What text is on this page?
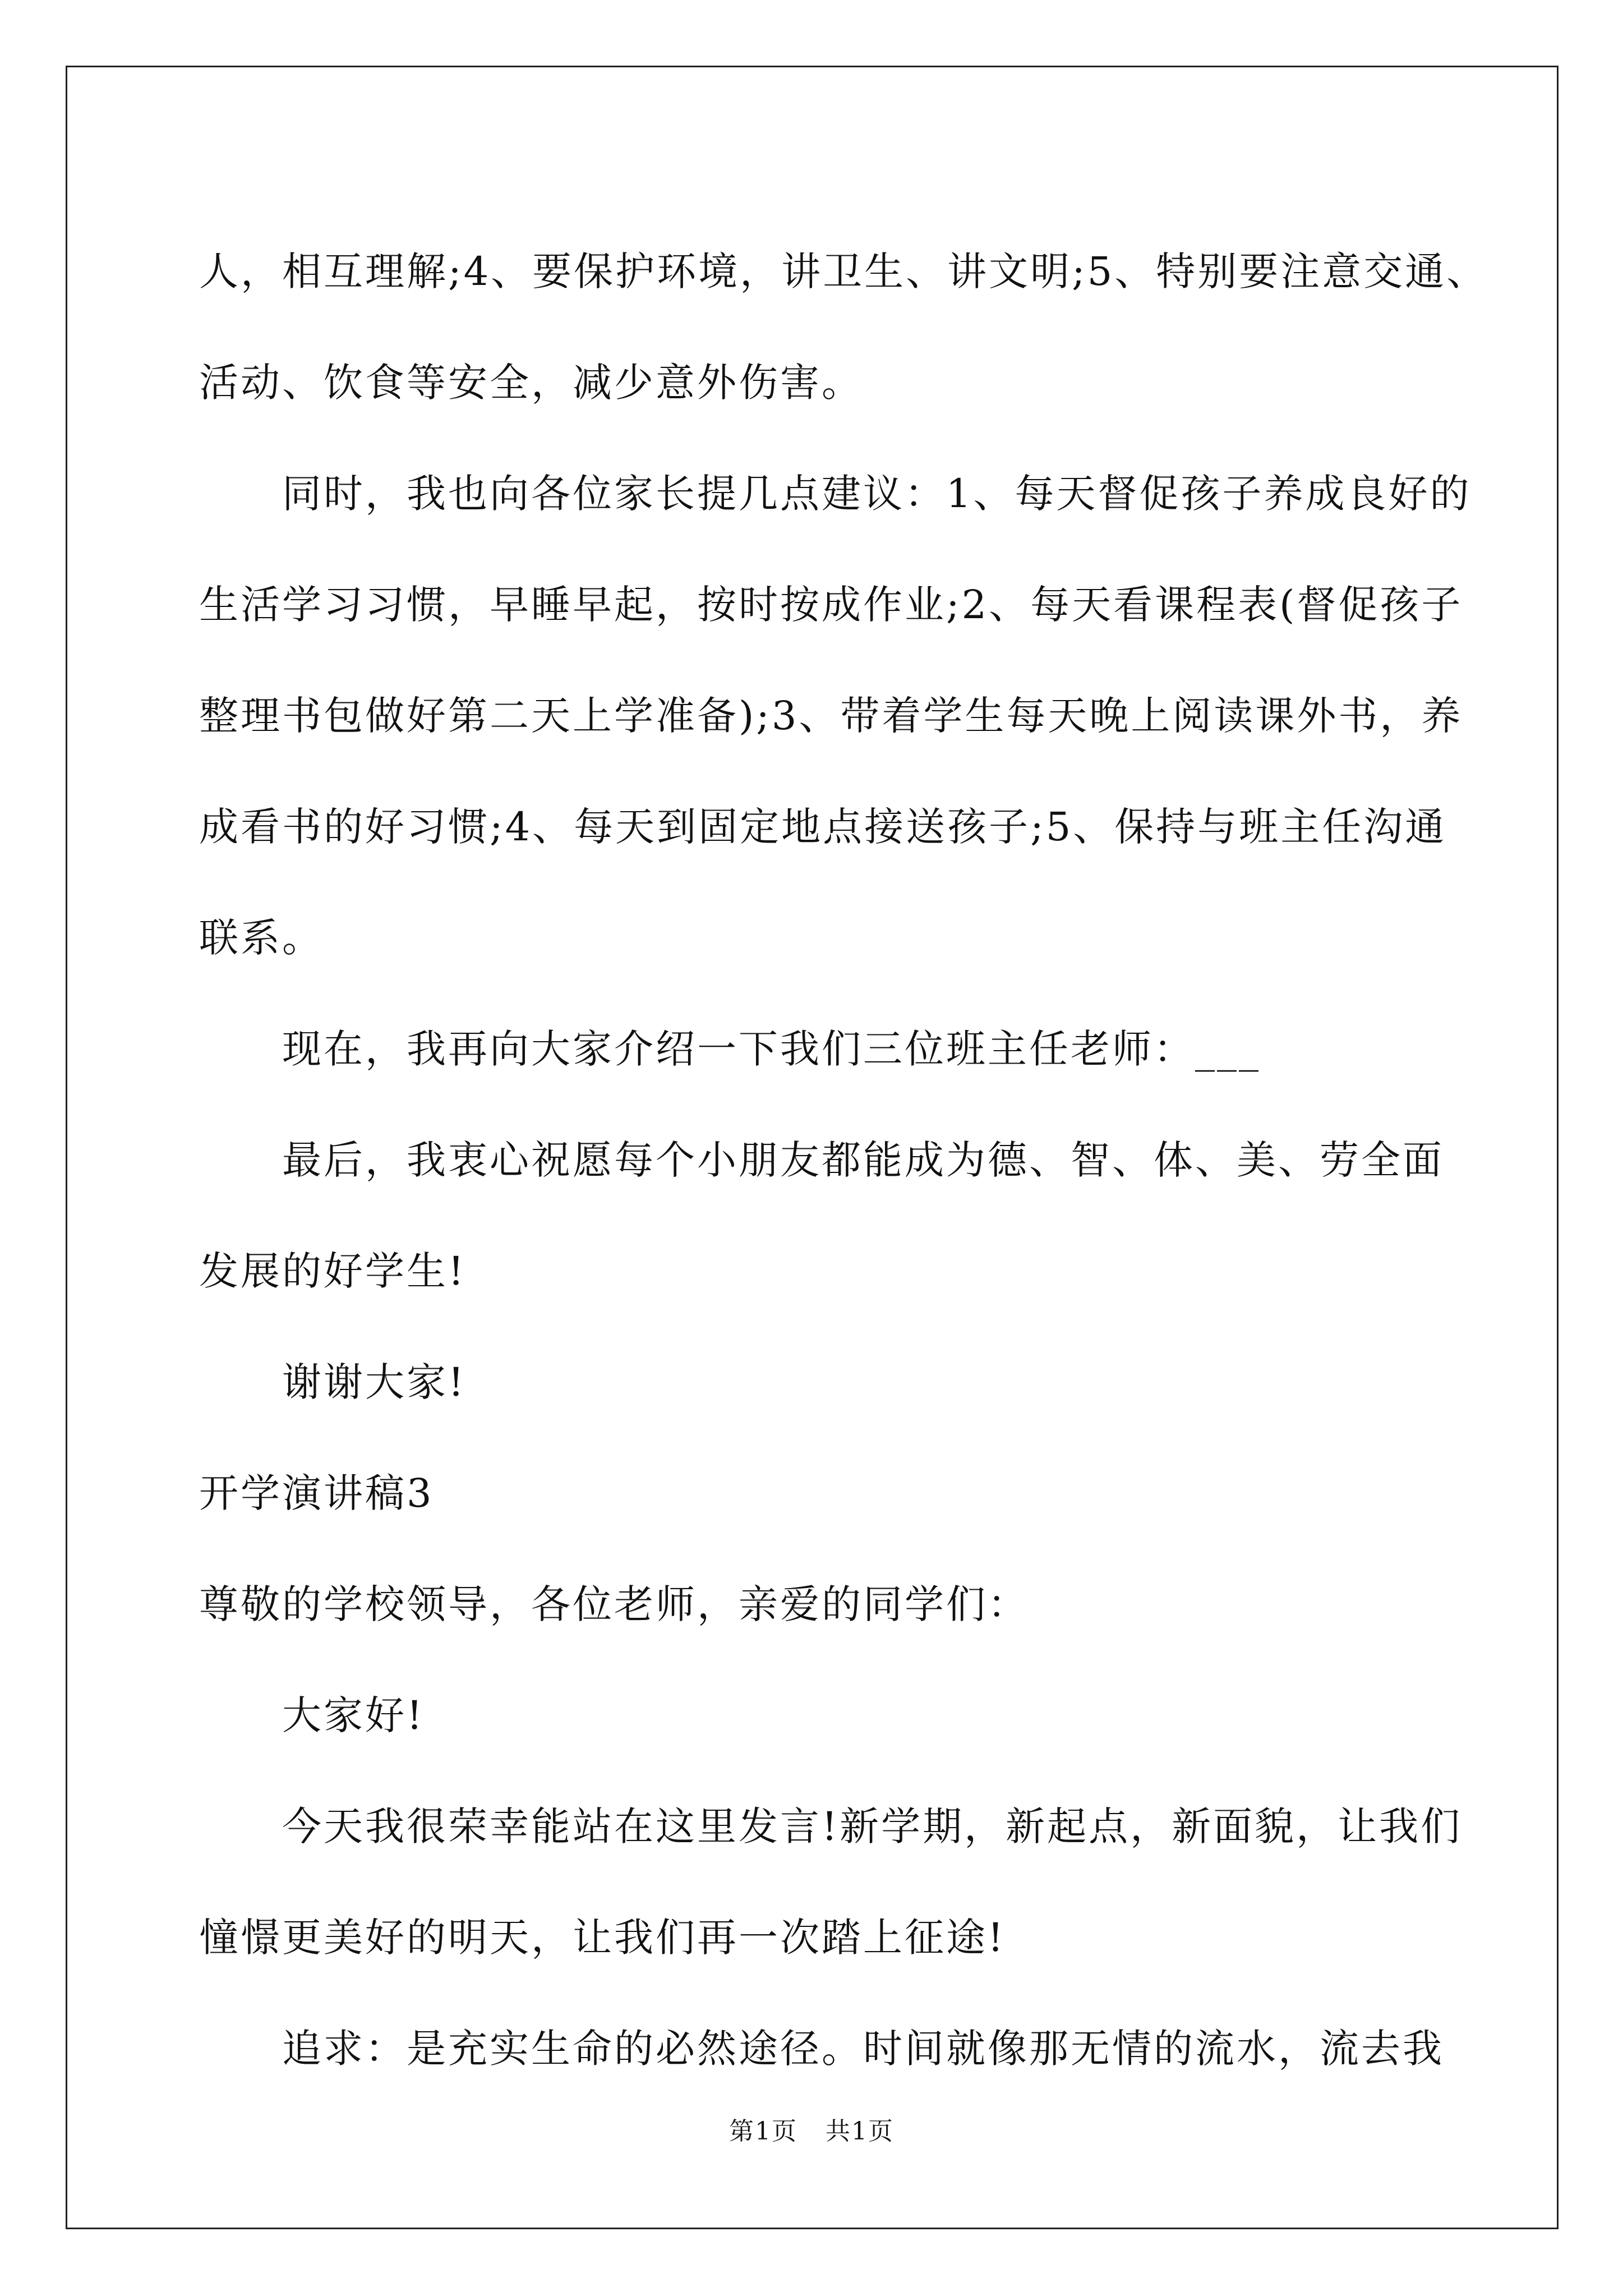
人，相互理解;4、要保护环境，讲卫生、讲文明;5、特别要注意交通、

活动、饮食等安全，减少意外伤害。

同时，我也向各位家长提几点建议：1、每天督促孩子养成良好的

生活学习习惯，早睡早起，按时按成作业;2、每天看课程表(督促孩子

整理书包做好第二天上学准备);3、带着学生每天晚上阅读课外书，养

成看书的好习惯;4、每天到固定地点接送孩子;5、保持与班主任沟通

联系。

现在，我再向大家介绍一下我们三位班主任老师：___

最后，我衷心祝愿每个小朋友都能成为德、智、体、美、劳全面

发展的好学生!

谢谢大家!

开学演讲稿3

尊敬的学校领导，各位老师，亲爱的同学们：

大家好!

今天我很荣幸能站在这里发言!新学期，新起点，新面貌，让我们

憧憬更美好的明天，让我们再一次踏上征途!

追求：是充实生命的必然途径。时间就像那无情的流水，流去我

第1页 共1页
